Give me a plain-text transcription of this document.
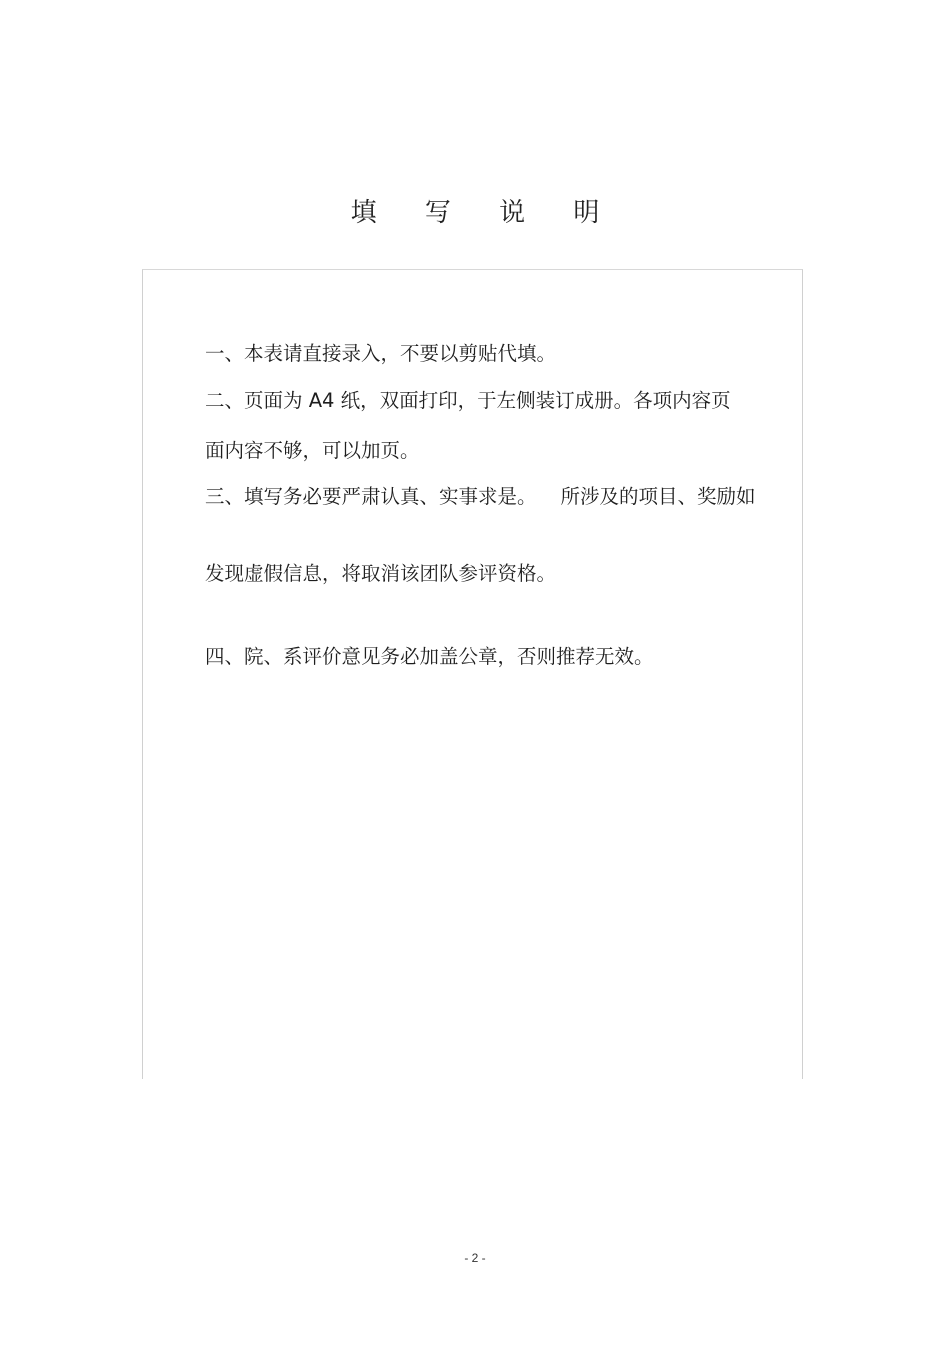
填 写 说 明
一、本表请直接录入，不要以剪贴代填。
二、页面为 A4 纸，双面打印，于左侧装订成册。各项内容页
面内容不够，可以加页。
三、填写务必要严肃认真、实事求是。 所涉及的项目、奖励如
发现虚假信息，将取消该团队参评资格。
四、院、系评价意见务必加盖公章，否则推荐无效。
- 2 -
